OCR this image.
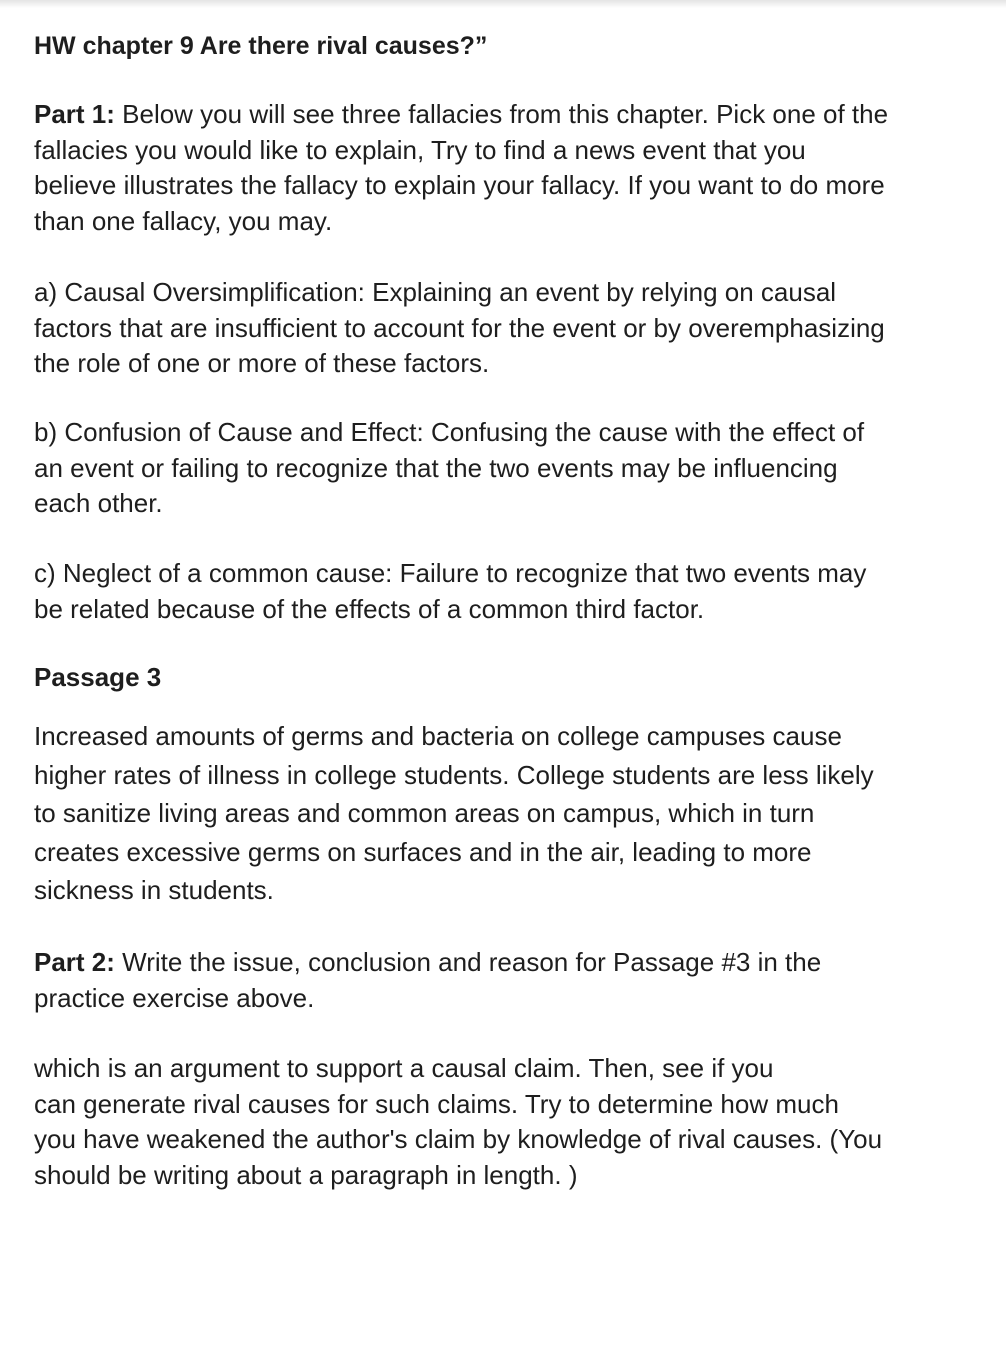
HW chapter 9 Are there rival causes?”

Part 1: Below you will see three fallacies from this chapter. Pick one of the
fallacies you would like to explain, Try to find a news event that you
believe illustrates the fallacy to explain your fallacy. If you want to do more
than one fallacy, you may.

a) Causal Oversimplification: Explaining an event by relying on causal
factors that are insufficient to account for the event or by overemphasizing
the role of one or more of these factors.

b) Confusion of Cause and Effect: Confusing the cause with the effect of
an event or failing to recognize that the two events may be influencing
each other.

c) Neglect of a common cause: Failure to recognize that two events may
be related because of the effects of a common third factor.

Passage 3

Increased amounts of germs and bacteria on college campuses cause
higher rates of illness in college students. College students are less likely
to sanitize living areas and common areas on campus, which in turn
creates excessive germs on surfaces and in the air, leading to more
sickness in students.

Part 2: Write the issue, conclusion and reason for Passage #3 in the
practice exercise above.

which is an argument to support a causal claim. Then, see if you
can generate rival causes for such claims. Try to determine how much
you have weakened the author's claim by knowledge of rival causes. (You
should be writing about a paragraph in length. )
